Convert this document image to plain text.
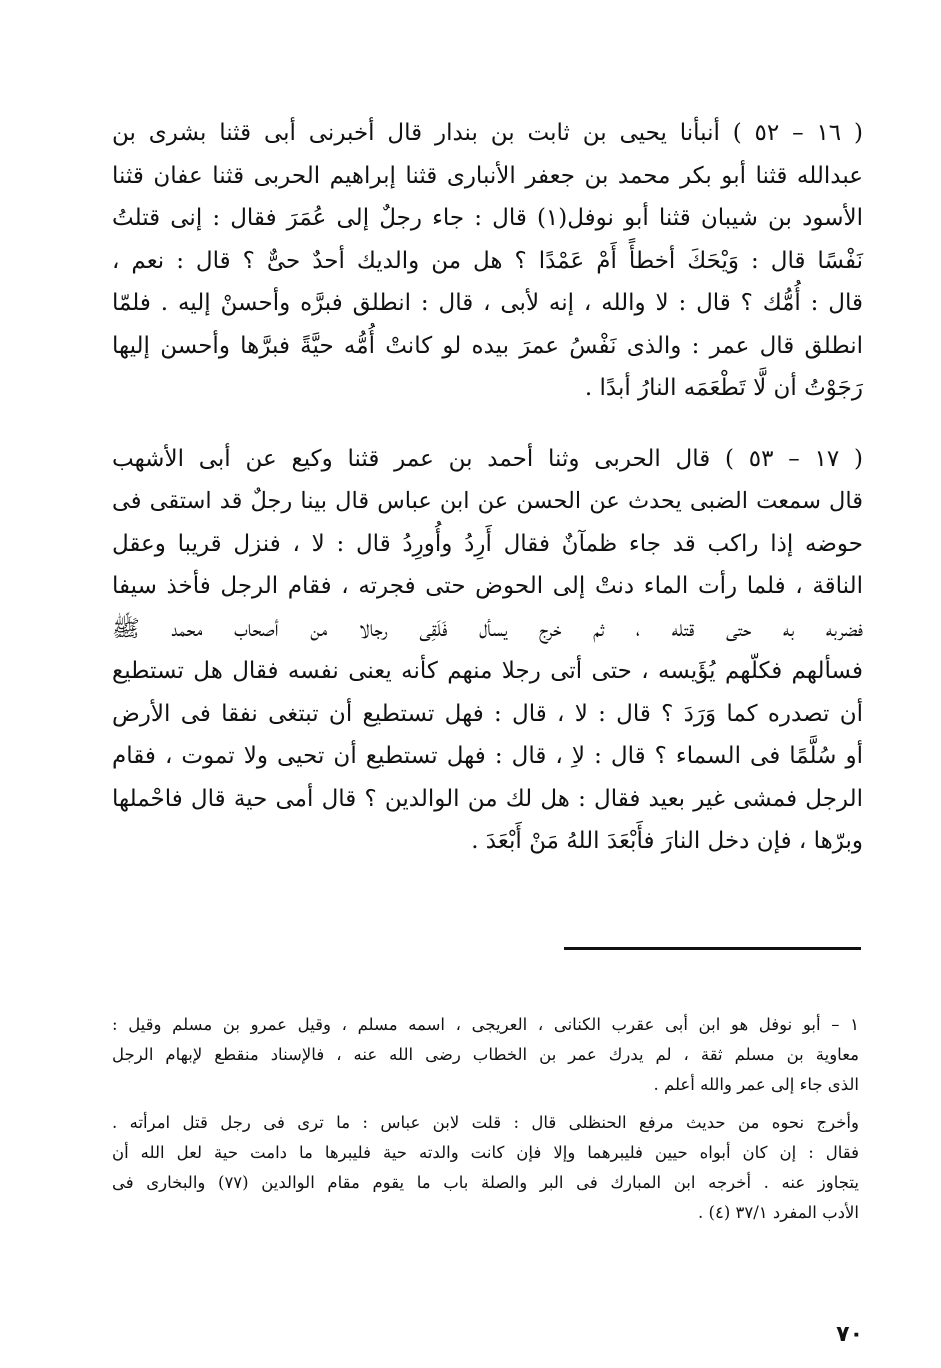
( ١٦ – ٥٢ ) أنبأنا يحيى بن ثابت بن بندار قال أخبرنى أبى قثنا بشرى بن
عبدالله قثنا أبو بكر محمد بن جعفر الأنبارى قثنا إبراهيم الحربى قثنا عفان قثنا
الأسود بن شيبان قثنا أبو نوفل(١) قال : جاء رجلٌ إلى عُمَرَ فقال : إنى قتلتُ
نَفْسًا قال : وَيْحَكَ أخطأً أَمْ عَمْدًا ؟ هل من والديك أحدٌ حىٌّ ؟ قال : نعم ،
قال : أُمُّك ؟ قال : لا والله ، إنه لأبى ، قال : انطلق فبرَّه وأحسنْ إليه . فلمّا
انطلق قال عمر : والذى نَفْسُ عمرَ بيده لو كانتْ أُمُّه حيَّةً فبرَّها وأحسن إليها
رَجَوْتُ أن لَّا تَطْعَمَه النارُ أبدًا .

( ١٧ – ٥٣ ) قال الحربى وثنا أحمد بن عمر قثنا وكيع عن أبى الأشهب
قال سمعت الضبى يحدث عن الحسن عن ابن عباس قال بينا رجلٌ قد استقى فى
حوضه إذا راكب قد جاء ظمآنٌ فقال أَرِدُ وأُورِدُ قال : لا ، فنزل قريبا وعقل
الناقة ، فلما رأت الماء دنتْ إلى الحوض حتى فجرته ، فقام الرجل فأخذ سيفا
فضربه به حتى قتله ، ثم خرج يسأل فَلَقِى رجالا من أصحاب محمد ﷺ
فسألهم فكلّهم يُؤَيسه ، حتى أتى رجلا منهم كأنه يعنى نفسه فقال هل تستطيع
أن تصدره كما وَرَدَ ؟ قال : لا ، قال : فهل تستطيع أن تبتغى نفقا فى الأرض
أو سُلَّمًا فى السماء ؟ قال : لاِ ، قال : فهل تستطيع أن تحيى ولا تموت ، فقام
الرجل فمشى غير بعيد فقال : هل لك من الوالدين ؟ قال أمى حية قال فاحْملها
وبرّها ، فإن دخل النارَ فأَبْعَدَ اللهُ مَنْ أَبْعَدَ .

١ – أبو نوفل هو ابن أبى عقرب الكنانى ، العريجى ، اسمه مسلم ، وقيل عمرو بن مسلم وقيل :
معاوية بن مسلم ثقة ، لم يدرك عمر بن الخطاب رضى الله عنه ، فالإسناد منقطع لإبهام الرجل
الذى جاء إلى عمر والله أعلم .

وأخرج نحوه من حديث مرفع الحنظلى قال : قلت لابن عباس : ما ترى فى رجل قتل امرأته .
فقال : إن كان أبواه حيين فليبرهما وإلا فإن كانت والدته حية فليبرها ما دامت حية لعل الله أن
يتجاوز عنه . أخرجه ابن المبارك فى البر والصلة باب ما يقوم مقام الوالدين (٧٧) والبخارى فى
الأدب المفرد ٣٧/١ (٤) .

٧٠
